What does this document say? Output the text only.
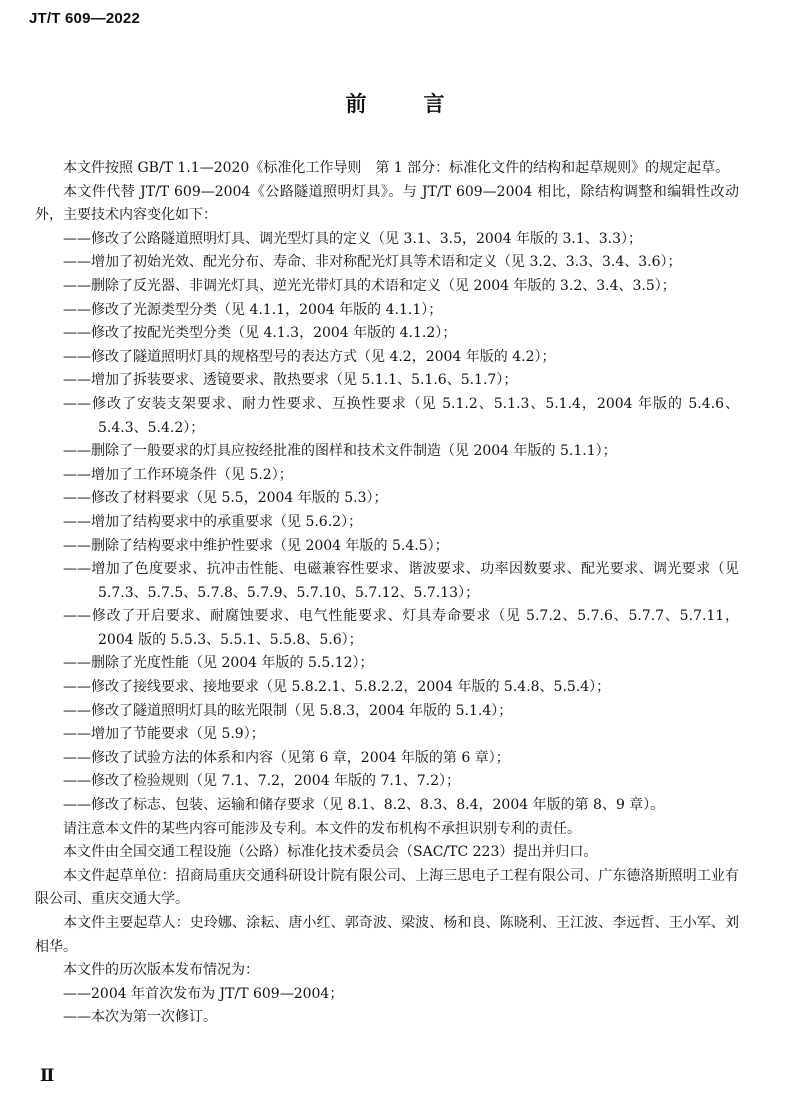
JT/T 609—2022
前　言

本文件按照 GB/T 1.1—2020《标准化工作导则　第 1 部分：标准化文件的结构和起草规则》的规定起草。

本文件代替 JT/T 609—2004《公路隧道照明灯具》。与 JT/T 609—2004 相比，除结构调整和编辑性改动外，主要技术内容变化如下：

——修改了公路隧道照明灯具、调光型灯具的定义（见 3.1、3.5，2004 年版的 3.1、3.3）；

——增加了初始光效、配光分布、寿命、非对称配光灯具等术语和定义（见 3.2、3.3、3.4、3.6）；

——删除了反光器、非调光灯具、逆光光带灯具的术语和定义（见 2004 年版的 3.2、3.4、3.5）；

——修改了光源类型分类（见 4.1.1，2004 年版的 4.1.1）；

——修改了按配光类型分类（见 4.1.3，2004 年版的 4.1.2）；

——修改了隧道照明灯具的规格型号的表达方式（见 4.2，2004 年版的 4.2）；

——增加了拆装要求、透镜要求、散热要求（见 5.1.1、5.1.6、5.1.7）；

——修改了安装支架要求、耐力性要求、互换性要求（见 5.1.2、5.1.3、5.1.4，2004 年版的 5.4.6、5.4.3、5.4.2）；

——删除了一般要求的灯具应按经批准的图样和技术文件制造（见 2004 年版的 5.1.1）；

——增加了工作环境条件（见 5.2）；

——修改了材料要求（见 5.5，2004 年版的 5.3）；

——增加了结构要求中的承重要求（见 5.6.2）；

——删除了结构要求中维护性要求（见 2004 年版的 5.4.5）；

——增加了色度要求、抗冲击性能、电磁兼容性要求、谐波要求、功率因数要求、配光要求、调光要求（见 5.7.3、5.7.5、5.7.8、5.7.9、5.7.10、5.7.12、5.7.13）；

——修改了开启要求、耐腐蚀要求、电气性能要求、灯具寿命要求（见 5.7.2、5.7.6、5.7.7、5.7.11，2004 版的 5.5.3、5.5.1、5.5.8、5.6）；

——删除了光度性能（见 2004 年版的 5.5.12）；

——修改了接线要求、接地要求（见 5.8.2.1、5.8.2.2，2004 年版的 5.4.8、5.5.4）；

——修改了隧道照明灯具的眩光限制（见 5.8.3，2004 年版的 5.1.4）；

——增加了节能要求（见 5.9）；

——修改了试验方法的体系和内容（见第 6 章，2004 年版的第 6 章）；

——修改了检验规则（见 7.1、7.2，2004 年版的 7.1、7.2）；

——修改了标志、包装、运输和储存要求（见 8.1、8.2、8.3、8.4，2004 年版的第 8、9 章）。

请注意本文件的某些内容可能涉及专利。本文件的发布机构不承担识别专利的责任。

本文件由全国交通工程设施（公路）标准化技术委员会（SAC/TC 223）提出并归口。

本文件起草单位：招商局重庆交通科研设计院有限公司、上海三思电子工程有限公司、广东德洛斯照明工业有限公司、重庆交通大学。

本文件主要起草人：史玲娜、涂耘、唐小红、郭奇波、梁波、杨和良、陈晓利、王江波、李远哲、王小军、刘相华。

本文件的历次版本发布情况为：

——2004 年首次发布为 JT/T 609—2004；

——本次为第一次修订。

Ⅱ
